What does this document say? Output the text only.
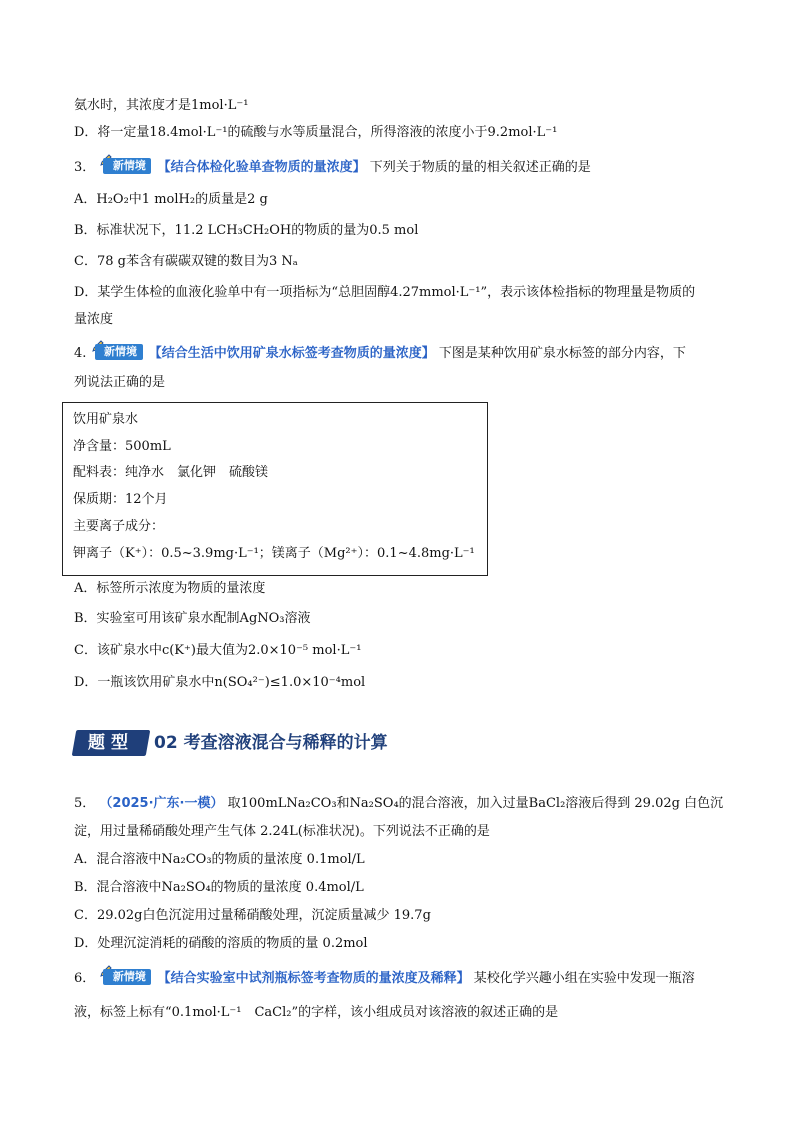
氨水时，其浓度才是1mol·L⁻¹
D．将一定量18.4mol·L⁻¹的硫酸与水等质量混合，所得溶液的浓度小于9.2mol·L⁻¹
3．	新情境 【结合体检化验单查物质的量浓度】 下列关于物质的量的相关叙述正确的是
A．H₂O₂中1 molH₂的质量是2 g
B．标准状况下，11.2 LCH₃CH₂OH的物质的量为0.5 mol
C．78 g苯含有碳碳双键的数目为3 Nₐ
D．某学生体检的血液化验单中有一项指标为“总胆固醇4.27mmol·L⁻¹”，表示该体检指标的物理量是物质的
量浓度
4.	新情境 【结合生活中饮用矿泉水标签考查物质的量浓度】 下图是某种饮用矿泉水标签的部分内容，下
列说法正确的是
饮用矿泉水
净含量：500mL
配料表：纯净水　氯化钾　硫酸镁
保质期：12个月
主要离子成分：
钾离子（K⁺）：0.5~3.9mg·L⁻¹；镁离子（Mg²⁺）：0.1~4.8mg·L⁻¹
A．标签所示浓度为物质的量浓度
B．实验室可用该矿泉水配制AgNO₃溶液
C．该矿泉水中c(K⁺)最大值为2.0×10⁻⁵ mol·L⁻¹
D．一瓶该饮用矿泉水中n(SO₄²⁻)≤1.0×10⁻⁴mol
题型	02 考查溶液混合与稀释的计算
5． （2025·广东·一模） 取100mLNa₂CO₃和Na₂SO₄的混合溶液，加入过量BaCl₂溶液后得到 29.02g 白色沉
淀，用过量稀硝酸处理产生气体 2.24L(标准状况)。下列说法不正确的是
A．混合溶液中Na₂CO₃的物质的量浓度 0.1mol/L
B．混合溶液中Na₂SO₄的物质的量浓度 0.4mol/L
C．29.02g白色沉淀用过量稀硝酸处理，沉淀质量减少 19.7g
D．处理沉淀消耗的硝酸的溶质的物质的量 0.2mol
6．	新情境 【结合实验室中试剂瓶标签考查物质的量浓度及稀释】 某校化学兴趣小组在实验中发现一瓶溶
液，标签上标有“0.1mol·L⁻¹　CaCl₂”的字样，该小组成员对该溶液的叙述正确的是
